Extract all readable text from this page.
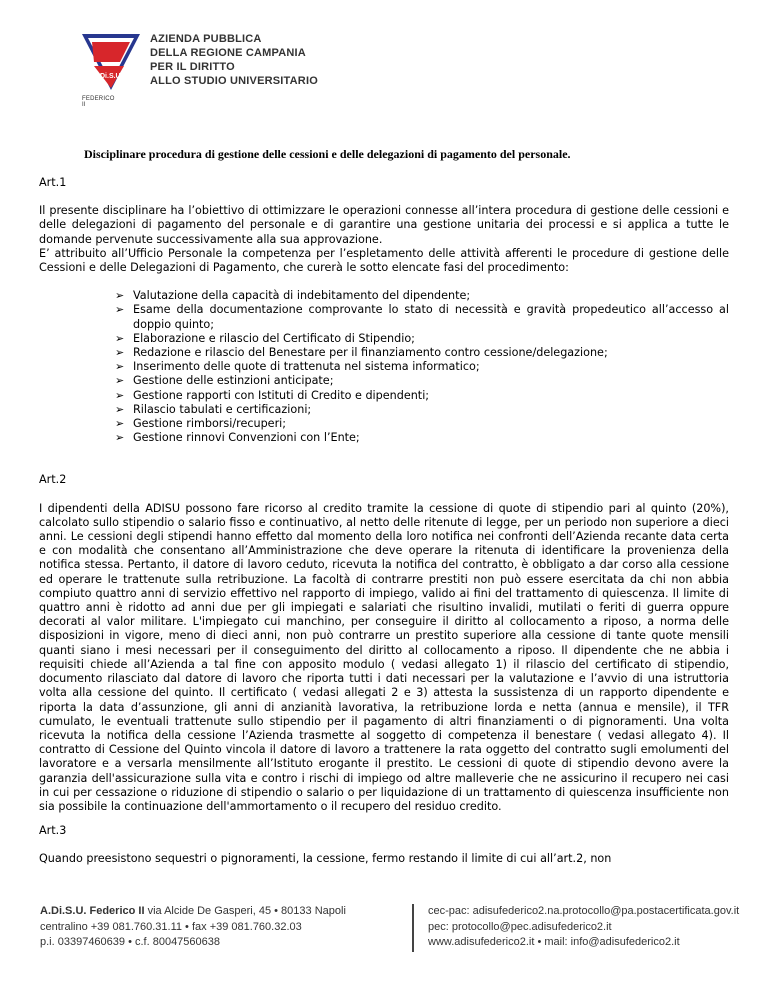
Di.S.U.
FEDERICO II
AZIENDA PUBBLICA
DELLA REGIONE CAMPANIA
PER IL DIRITTO
ALLO STUDIO UNIVERSITARIO
Disciplinare procedura di gestione delle cessioni e delle delegazioni di pagamento del personale.
Art.1
Il presente disciplinare ha l’obiettivo di ottimizzare le operazioni connesse all’intera procedura di gestione delle cessioni e delle delegazioni di pagamento del personale e di garantire una gestione unitaria dei processi e si applica a tutte le domande pervenute successivamente alla sua approvazione.
E’ attribuito all’Ufficio Personale la competenza per l’espletamento delle attività afferenti le procedure di gestione delle Cessioni e delle Delegazioni di Pagamento, che curerà le sotto elencate fasi del procedimento:
➢ Valutazione della capacità di indebitamento del dipendente;
➢ Esame della documentazione comprovante lo stato di necessità e gravità propedeutico all’accesso al doppio quinto;
➢ Elaborazione e rilascio del Certificato di Stipendio;
➢ Redazione e rilascio del Benestare per il finanziamento contro cessione/delegazione;
➢ Inserimento delle quote di trattenuta nel sistema informatico;
➢ Gestione delle estinzioni anticipate;
➢ Gestione rapporti con Istituti di Credito e dipendenti;
➢ Rilascio tabulati e certificazioni;
➢ Gestione rimborsi/recuperi;
➢ Gestione rinnovi Convenzioni con l’Ente;
Art.2
I dipendenti della ADISU possono fare ricorso al credito tramite la cessione di quote di stipendio pari al quinto (20%), calcolato sullo stipendio o salario fisso e continuativo, al netto delle ritenute di legge, per un periodo non superiore a dieci anni. Le cessioni degli stipendi hanno effetto dal momento della loro notifica nei confronti dell’Azienda recante data certa e con modalità che consentano all’Amministrazione che deve operare la ritenuta di identificare la provenienza della notifica stessa. Pertanto, il datore di lavoro ceduto, ricevuta la notifica del contratto, è obbligato a dar corso alla cessione ed operare le trattenute sulla retribuzione. La facoltà di contrarre prestiti non può essere esercitata da chi non abbia compiuto quattro anni di servizio effettivo nel rapporto di impiego, valido ai fini del trattamento di quiescenza. Il limite di quattro anni è ridotto ad anni due per gli impiegati e salariati che risultino invalidi, mutilati o feriti di guerra oppure decorati al valor militare. L'impiegato cui manchino, per conseguire il diritto al collocamento a riposo, a norma delle disposizioni in vigore, meno di dieci anni, non può contrarre un prestito superiore alla cessione di tante quote mensili quanti siano i mesi necessari per il conseguimento del diritto al collocamento a riposo. Il dipendente che ne abbia i requisiti chiede all’Azienda a tal fine con apposito modulo ( vedasi allegato 1) il rilascio del certificato di stipendio, documento rilasciato dal datore di lavoro che riporta tutti i dati necessari per la valutazione e l’avvio di una istruttoria volta alla cessione del quinto. Il certificato ( vedasi allegati 2 e 3) attesta la sussistenza di un rapporto dipendente e riporta la data d’assunzione, gli anni di anzianità lavorativa, la retribuzione lorda e netta (annua e mensile), il TFR cumulato, le eventuali trattenute sullo stipendio per il pagamento di altri finanziamenti o di pignoramenti. Una volta ricevuta la notifica della cessione l’Azienda trasmette al soggetto di competenza il benestare ( vedasi allegato 4). Il contratto di Cessione del Quinto vincola il datore di lavoro a trattenere la rata oggetto del contratto sugli emolumenti del lavoratore e a versarla mensilmente all’Istituto erogante il prestito. Le cessioni di quote di stipendio devono avere la garanzia dell'assicurazione sulla vita e contro i rischi di impiego od altre malleverie che ne assicurino il recupero nei casi in cui per cessazione o riduzione di stipendio o salario o per liquidazione di un trattamento di quiescenza insufficiente non sia possibile la continuazione dell'ammortamento o il recupero del residuo credito.
Art.3
Quando preesistono sequestri o pignoramenti, la cessione, fermo restando il limite di cui all’art.2, non
A.Di.S.U. Federico II via Alcide De Gasperi, 45 • 80133 Napoli
centralino +39 081.760.31.11 • fax +39 081.760.32.03
p.i. 03397460639 • c.f. 80047560638
cec-pac: adisufederico2.na.protocollo@pa.postacertificata.gov.it
pec: protocollo@pec.adisufederico2.it
www.adisufederico2.it • mail: info@adisufederico2.it
